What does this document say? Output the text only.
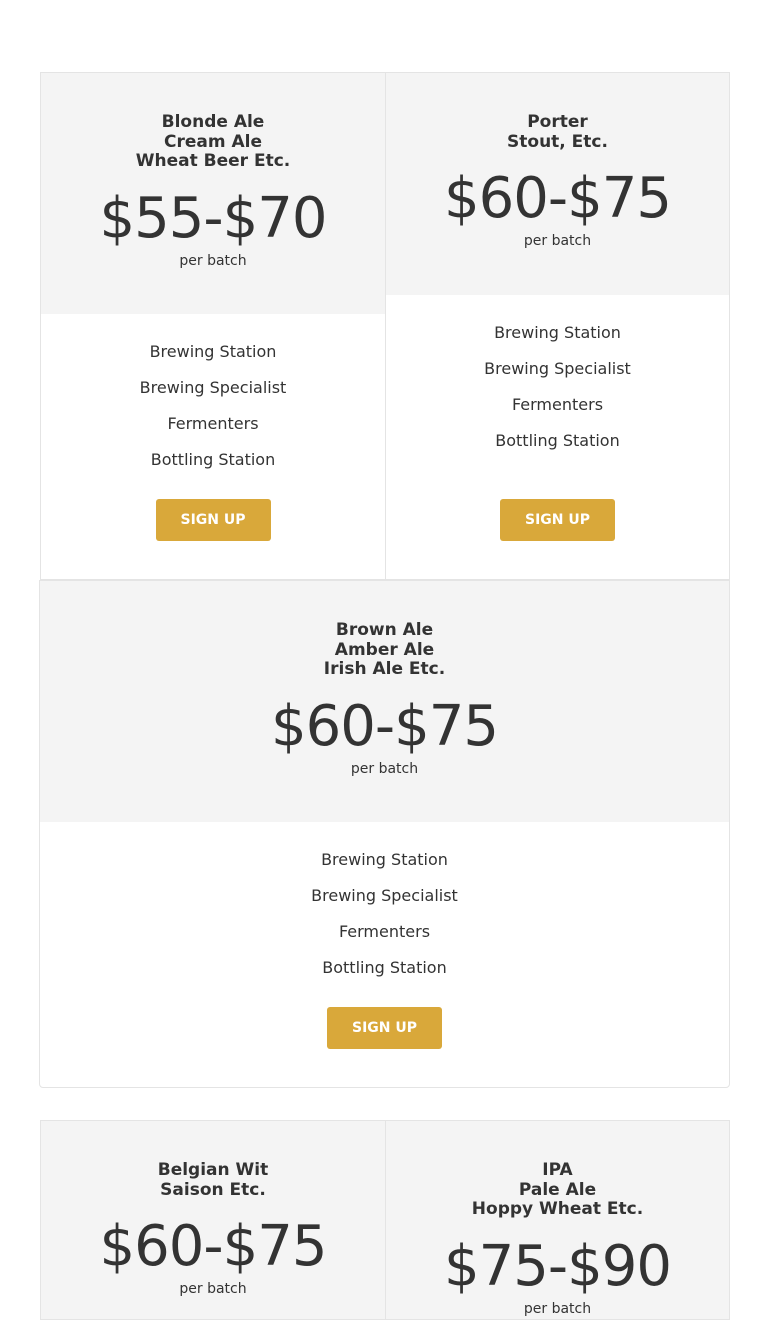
Blonde Ale
Cream Ale
Wheat Beer Etc.
$55-$70
per batch
Brewing Station
Brewing Specialist
Fermenters
Bottling Station
SIGN UP
Porter
Stout, Etc.
$60-$75
per batch
Brewing Station
Brewing Specialist
Fermenters
Bottling Station
SIGN UP
Brown Ale
Amber Ale
Irish Ale Etc.
$60-$75
per batch
Brewing Station
Brewing Specialist
Fermenters
Bottling Station
SIGN UP
Belgian Wit
Saison Etc.
$60-$75
per batch
IPA
Pale Ale
Hoppy Wheat Etc.
$75-$90
per batch
